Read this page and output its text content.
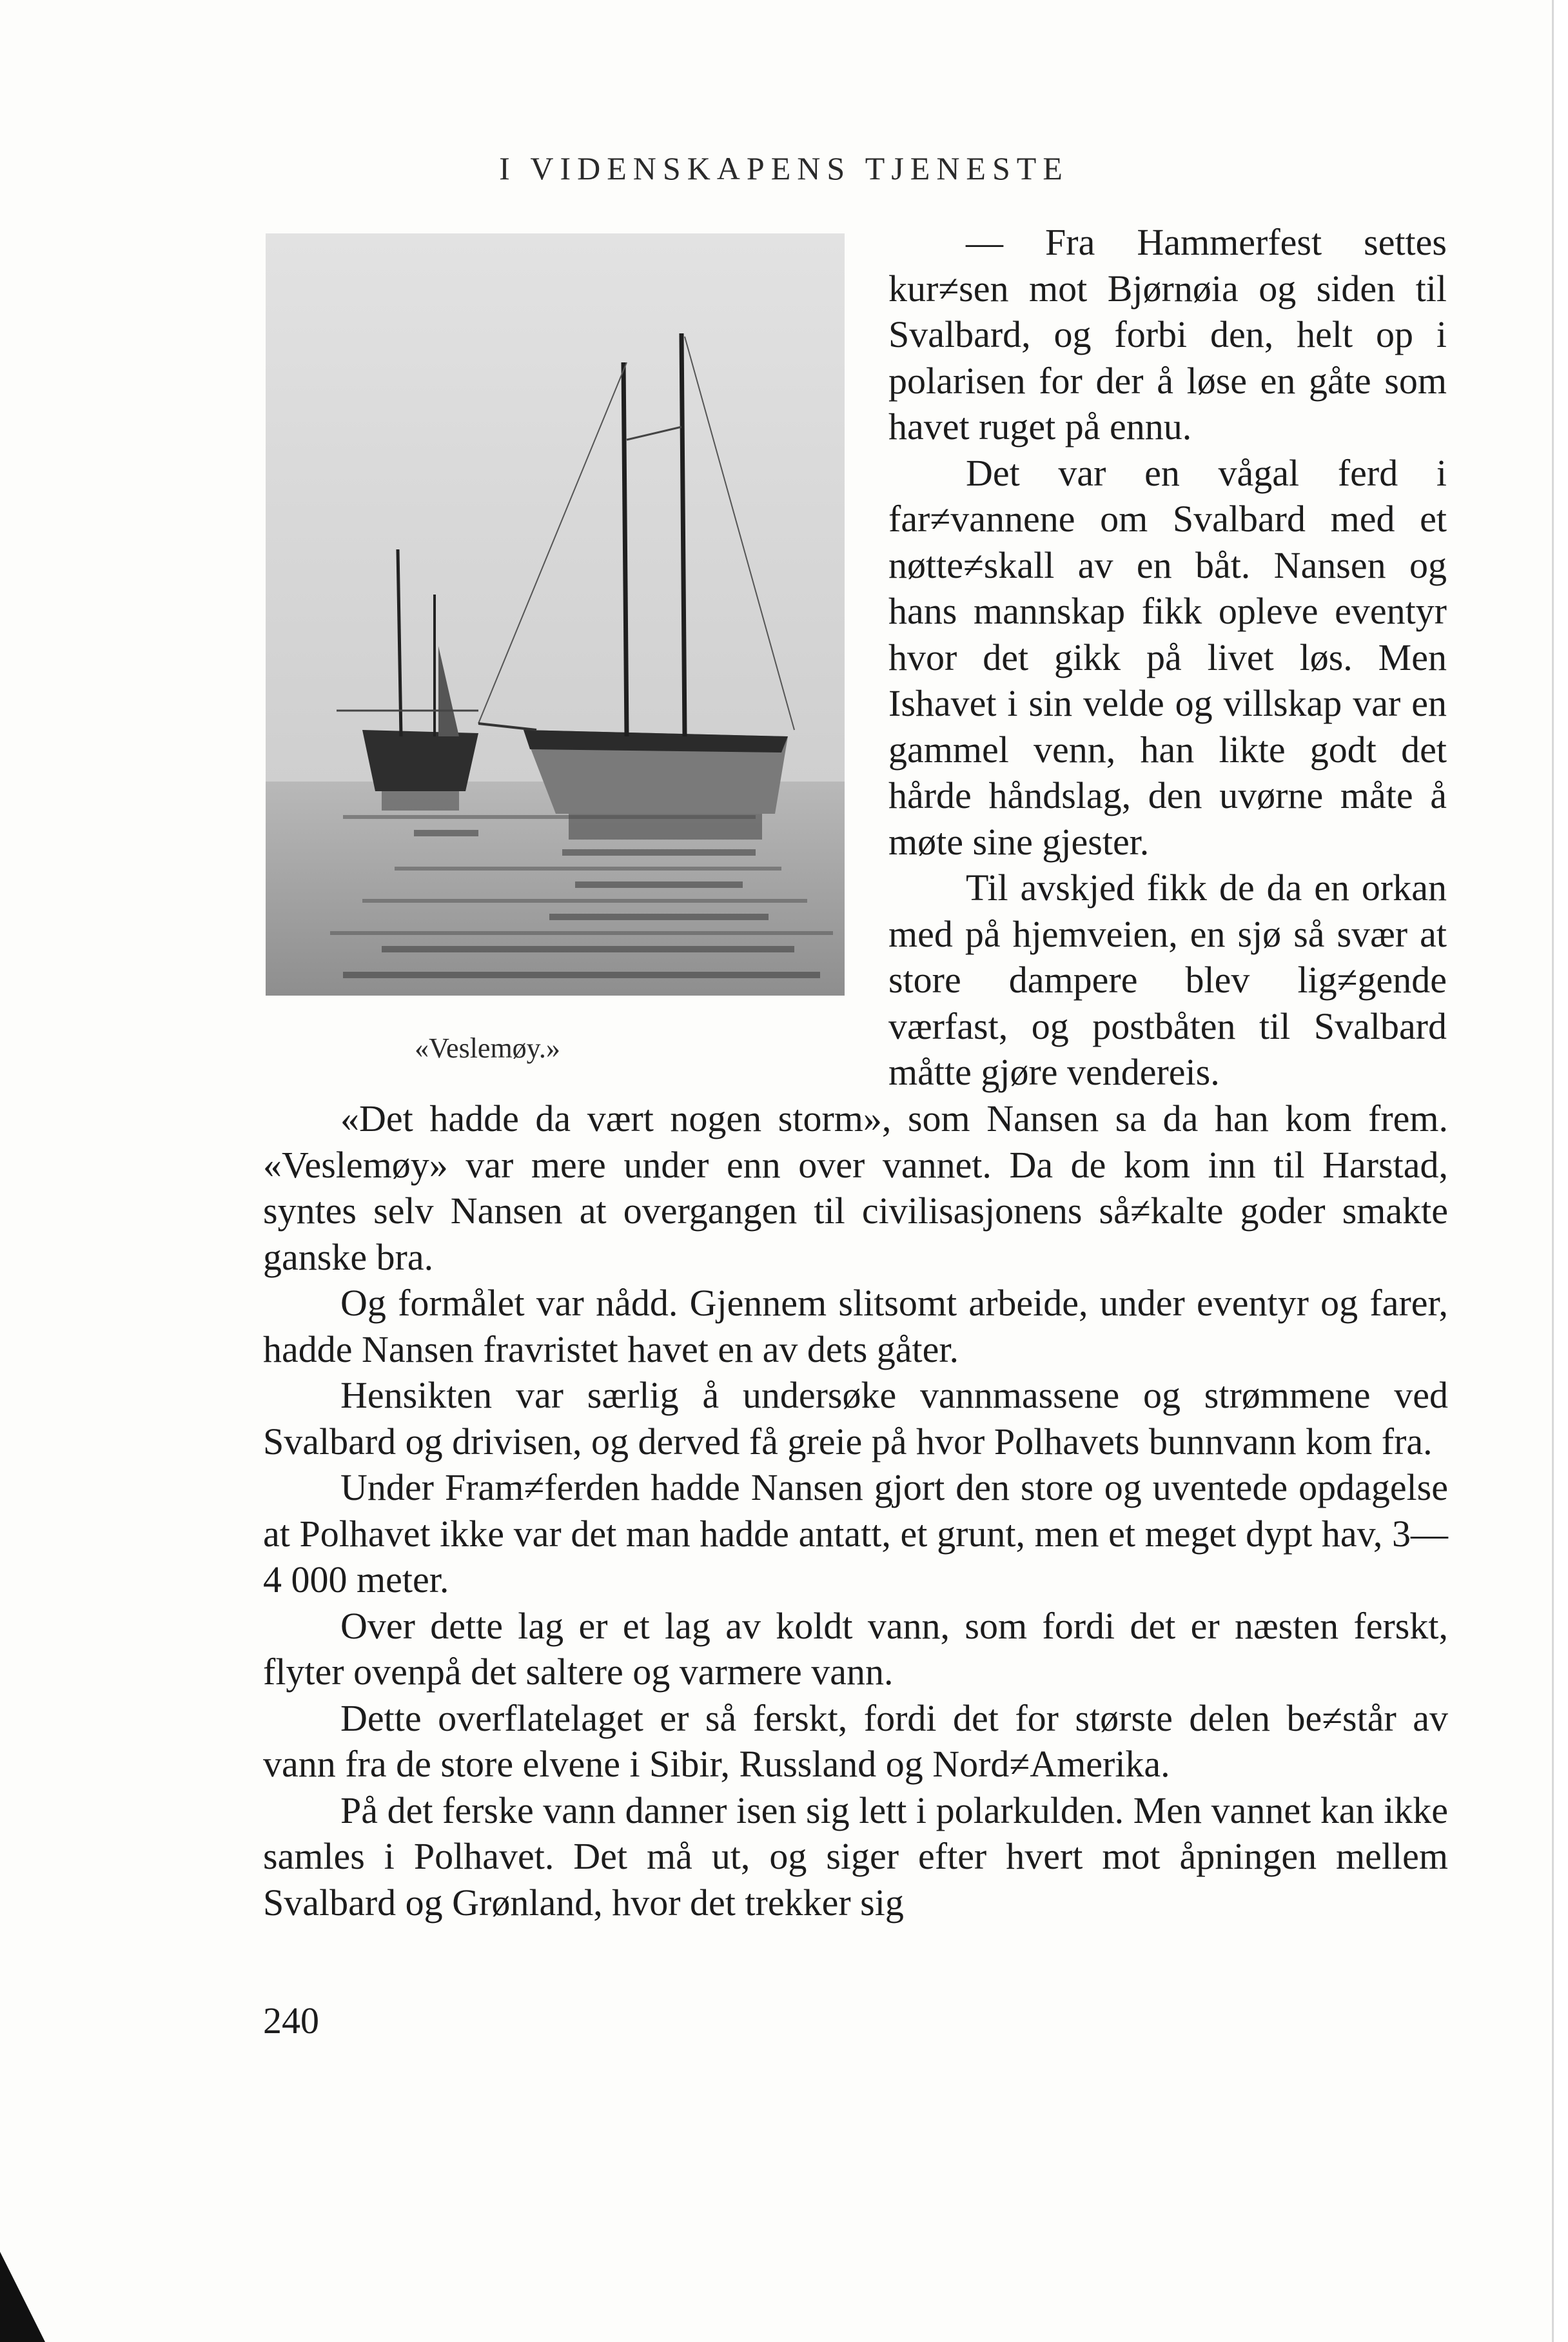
I VIDENSKAPENS TJENESTE
«Veslemøy.»

— Fra Hammerfest settes kur≠sen mot Bjørnøia og siden til Svalbard, og forbi den, helt op i polarisen for der å løse en gåte som havet ruget på ennu.

Det var en vågal ferd i far≠vannene om Svalbard med et nøtte≠skall av en båt. Nansen og hans mannskap fikk opleve eventyr hvor det gikk på livet løs. Men Ishavet i sin velde og villskap var en gammel venn, han likte godt det hårde håndslag, den uvørne måte å møte sine gjester.

Til avskjed fikk de da en orkan med på hjemveien, en sjø så svær at store dampere blev lig≠gende værfast, og postbåten til Svalbard måtte gjøre vendereis.

«Det hadde da vært nogen storm», som Nansen sa da han kom frem. «Veslemøy» var mere under enn over vannet. Da de kom inn til Harstad, syntes selv Nansen at overgangen til civilisasjonens så≠kalte goder smakte ganske bra.

Og formålet var nådd. Gjennem slitsomt arbeide, under eventyr og farer, hadde Nansen fravristet havet en av dets gåter.

Hensikten var særlig å undersøke vannmassene og strømmene ved Svalbard og drivisen, og derved få greie på hvor Polhavets bunnvann kom fra.

Under Fram≠ferden hadde Nansen gjort den store og uventede opdagelse at Polhavet ikke var det man hadde antatt, et grunt, men et meget dypt hav, 3—4 000 meter.

Over dette lag er et lag av koldt vann, som fordi det er næsten ferskt, flyter ovenpå det saltere og varmere vann.

Dette overflatelaget er så ferskt, fordi det for største delen be≠står av vann fra de store elvene i Sibir, Russland og Nord≠Amerika.

På det ferske vann danner isen sig lett i polarkulden. Men vannet kan ikke samles i Polhavet. Det må ut, og siger efter hvert mot åpningen mellem Svalbard og Grønland, hvor det trekker sig

240
